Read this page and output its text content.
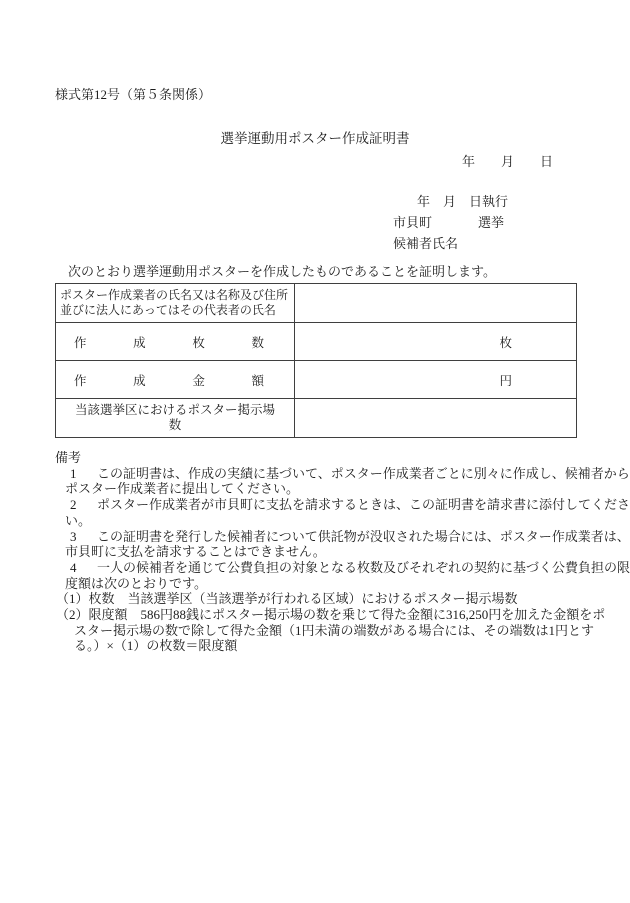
様式第12号（第５条関係）
選挙運動用ポスター作成証明書
年　　月　　日
年　月　日執行
市貝町	選挙
候補者氏名
次のとおり選挙運動用ポスターを作成したものであることを証明します。
ポスター作成業者の氏名又は名称及び住所
並びに法人にあってはその代表者の氏名	

作 成 枚 数	枚

作 成 金 額	円

当該選挙区におけるポスター掲示場
数	

備考
1 この証明書は、作成の実績に基づいて、ポスター作成業者ごとに別々に作成し、候補者から
ポスター作成業者に提出してください。
2 ポスター作成業者が市貝町に支払を請求するときは、この証明書を請求書に添付してくださ
い。
3 この証明書を発行した候補者について供託物が没収された場合には、ポスター作成業者は、
市貝町に支払を請求することはできません。
4 一人の候補者を通じて公費負担の対象となる枚数及びそれぞれの契約に基づく公費負担の限
度額は次のとおりです。
（1）枚数　当該選挙区（当該選挙が行われる区域）におけるポスター掲示場数
（2）限度額　586円88銭にポスター掲示場の数を乗じて得た金額に316,250円を加えた金額をポ
スター掲示場の数で除して得た金額（1円未満の端数がある場合には、その端数は1円とす
る。）×（1）の枚数＝限度額
